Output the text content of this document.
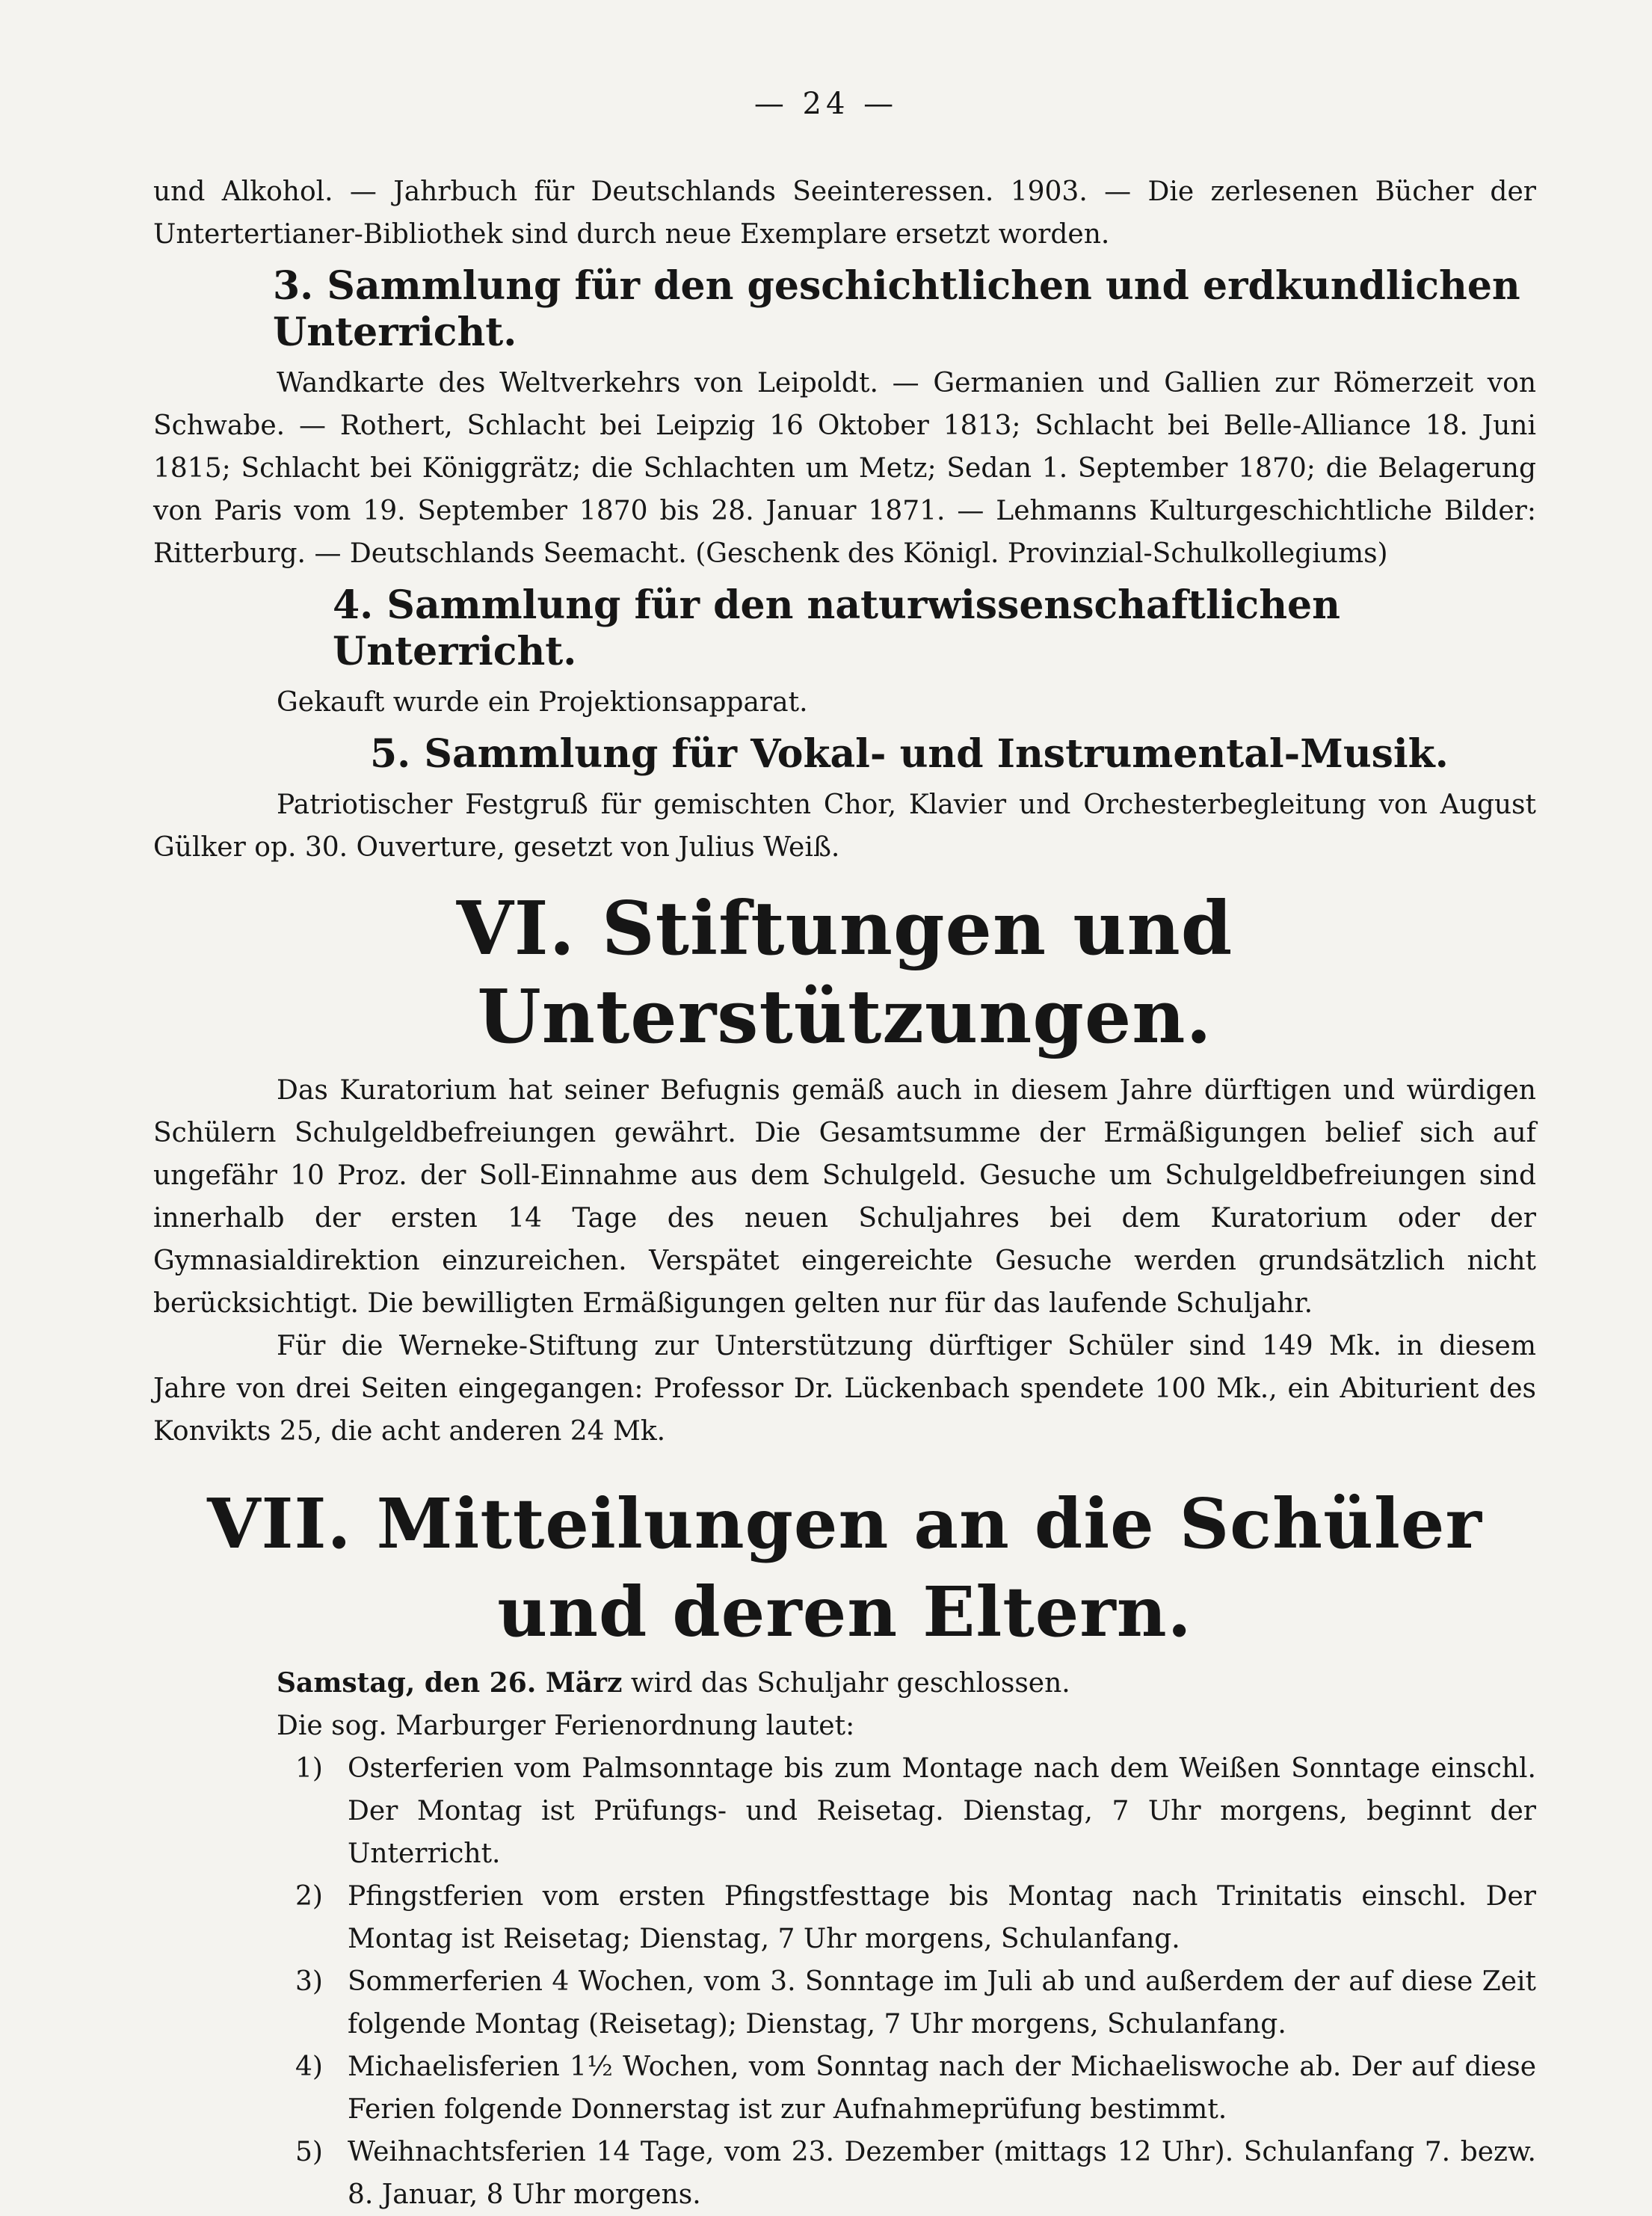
— 24 —

und Alkohol. — Jahrbuch für Deutschlands Seeinteressen. 1903. — Die zerlesenen Bücher der Untertertianer-Bibliothek sind durch neue Exemplare ersetzt worden.

3. Sammlung für den geschichtlichen und erdkundlichen Unterricht.

Wandkarte des Weltverkehrs von Leipoldt. — Germanien und Gallien zur Römerzeit von Schwabe. — Rothert, Schlacht bei Leipzig 16 Oktober 1813; Schlacht bei Belle-Alliance 18. Juni 1815; Schlacht bei Königgrätz; die Schlachten um Metz; Sedan 1. September 1870; die Belagerung von Paris vom 19. September 1870 bis 28. Januar 1871. — Lehmanns Kulturgeschichtliche Bilder: Ritterburg. — Deutschlands Seemacht. (Geschenk des Königl. Provinzial-Schulkollegiums)

4. Sammlung für den naturwissenschaftlichen Unterricht.

Gekauft wurde ein Projektionsapparat.

5. Sammlung für Vokal- und Instrumental-Musik.

Patriotischer Festgruß für gemischten Chor, Klavier und Orchesterbegleitung von August Gülker op. 30. Ouverture, gesetzt von Julius Weiß.

VI. Stiftungen und Unterstützungen.

Das Kuratorium hat seiner Befugnis gemäß auch in diesem Jahre dürftigen und würdigen Schülern Schulgeldbefreiungen gewährt. Die Gesamtsumme der Ermäßigungen belief sich auf ungefähr 10 Proz. der Soll-Einnahme aus dem Schulgeld. Gesuche um Schulgeldbefreiungen sind innerhalb der ersten 14 Tage des neuen Schuljahres bei dem Kuratorium oder der Gymnasialdirektion einzureichen. Verspätet eingereichte Gesuche werden grundsätzlich nicht berücksichtigt. Die bewilligten Ermäßigungen gelten nur für das laufende Schuljahr.

Für die Werneke-Stiftung zur Unterstützung dürftiger Schüler sind 149 Mk. in diesem Jahre von drei Seiten eingegangen: Professor Dr. Lückenbach spendete 100 Mk., ein Abiturient des Konvikts 25, die acht anderen 24 Mk.

VII. Mitteilungen an die Schüler und deren Eltern.

Samstag, den 26. März wird das Schuljahr geschlossen.

Die sog. Marburger Ferienordnung lautet:

1) Osterferien vom Palmsonntage bis zum Montage nach dem Weißen Sonntage einschl. Der Montag ist Prüfungs- und Reisetag. Dienstag, 7 Uhr morgens, beginnt der Unterricht.
2) Pfingstferien vom ersten Pfingstfesttage bis Montag nach Trinitatis einschl. Der Montag ist Reisetag; Dienstag, 7 Uhr morgens, Schulanfang.
3) Sommerferien 4 Wochen, vom 3. Sonntage im Juli ab und außerdem der auf diese Zeit folgende Montag (Reisetag); Dienstag, 7 Uhr morgens, Schulanfang.
4) Michaelisferien 1½ Wochen, vom Sonntag nach der Michaeliswoche ab. Der auf diese Ferien folgende Donnerstag ist zur Aufnahmeprüfung bestimmt.
5) Weihnachtsferien 14 Tage, vom 23. Dezember (mittags 12 Uhr). Schulanfang 7. bezw. 8. Januar, 8 Uhr morgens.
